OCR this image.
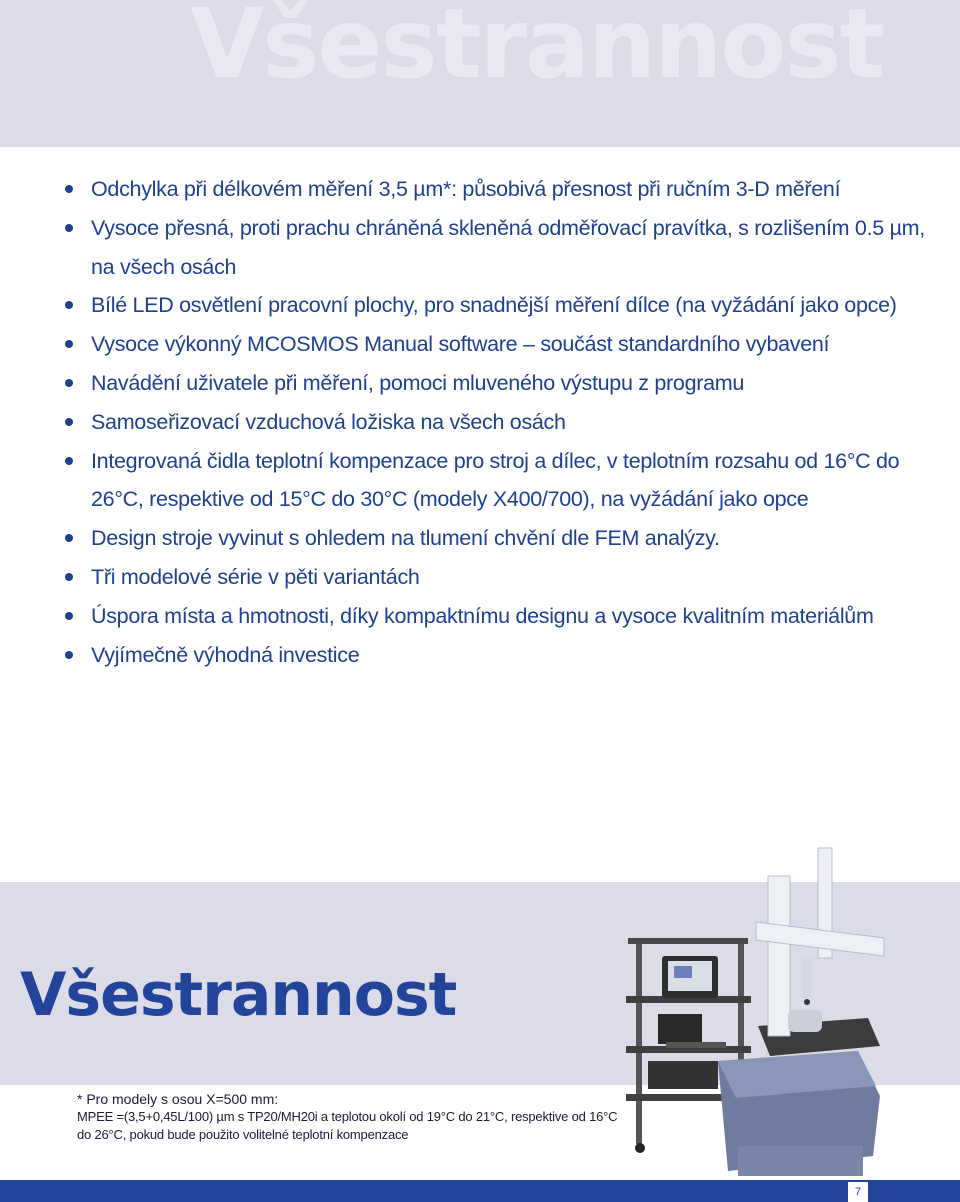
Všestrannost
Odchylka při délkovém měření 3,5 µm*: působivá přesnost při ručním 3-D měření
Vysoce přesná, proti prachu chráněná skleněná odměřovací pravítka, s rozlišením 0.5 µm, na všech osách
Bílé LED osvětlení pracovní plochy, pro snadnější měření dílce (na vyžádání jako opce)
Vysoce výkonný MCOSMOS Manual software – součást standardního vybavení
Navádění uživatele při měření, pomoci mluveného výstupu z programu
Samoseřizovací vzduchová ložiska na všech osách
Integrovaná čidla teplotní kompenzace pro stroj a dílec, v teplotním rozsahu od 16°C do 26°C, respektive od 15°C do 30°C (modely X400/700), na vyžádání jako opce
Design stroje vyvinut s ohledem na tlumení chvění dle FEM analýzy.
Tři modelové série v pěti variantách
Úspora místa a hmotnosti, díky kompaktnímu designu a vysoce kvalitním materiálům
Vyjímečně výhodná investice
Všestrannost
* Pro modely s osou X=500 mm:
MPEE =(3,5+0,45L/100) µm s TP20/MH20i a teplotou okolí od 19°C do 21°C, respektive od 16°C
do 26°C, pokud bude použito volitelné teplotní kompenzace
7
